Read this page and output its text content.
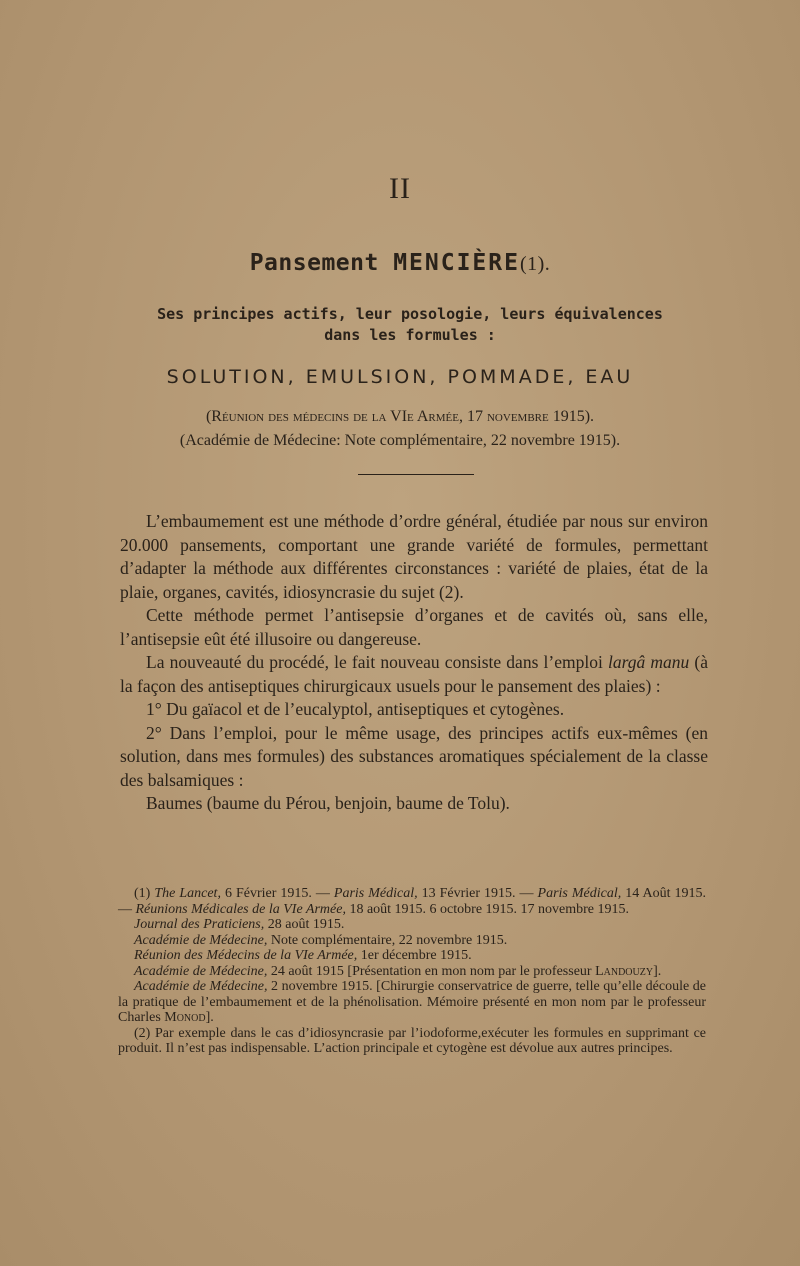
II
Pansement MENCIÈRE(1).
Ses principes actifs, leur posologie, leurs équivalences
dans les formules :
SOLUTION, EMULSION, POMMADE, EAU
(Réunion des médecins de la VIe Armée, 17 novembre 1915).
(Académie de Médecine: Note complémentaire, 22 novembre 1915).

L’embaumement est une méthode d’ordre général, étudiée par nous sur environ 20.000 pansements, comportant une grande variété de formules, permettant d’adapter la méthode aux différentes circonstances : variété de plaies, état de la plaie, organes, cavités, idiosyncrasie du sujet (2).

Cette méthode permet l’antisepsie d’organes et de cavités où, sans elle, l’antisepsie eût été illusoire ou dangereuse.

La nouveauté du procédé, le fait nouveau consiste dans l’emploi largâ manu (à la façon des antiseptiques chirurgicaux usuels pour le pansement des plaies) :

1° Du gaïacol et de l’eucalyptol, antiseptiques et cytogènes.

2° Dans l’emploi, pour le même usage, des principes actifs eux-mêmes (en solution, dans mes formules) des substances aromatiques spécialement de la classe des balsamiques :

Baumes (baume du Pérou, benjoin, baume de Tolu).

(1) The Lancet, 6 Février 1915. — Paris Médical, 13 Février 1915. — Paris Médical, 14 Août 1915. — Réunions Médicales de la VIe Armée, 18 août 1915. 6 octobre 1915. 17 novembre 1915.

Journal des Praticiens, 28 août 1915.

Académie de Médecine, Note complémentaire, 22 novembre 1915.

Réunion des Médecins de la VIe Armée, 1er décembre 1915.

Académie de Médecine, 24 août 1915 [Présentation en mon nom par le professeur Landouzy].

Académie de Médecine, 2 novembre 1915. [Chirurgie conservatrice de guerre, telle qu’elle découle de la pratique de l’embaumement et de la phénolisation. Mémoire présenté en mon nom par le professeur Charles Monod].

(2) Par exemple dans le cas d’idiosyncrasie par l’iodoforme,exécuter les formules en supprimant ce produit. Il n’est pas indispensable. L’action principale et cytogène est dévolue aux autres principes.
